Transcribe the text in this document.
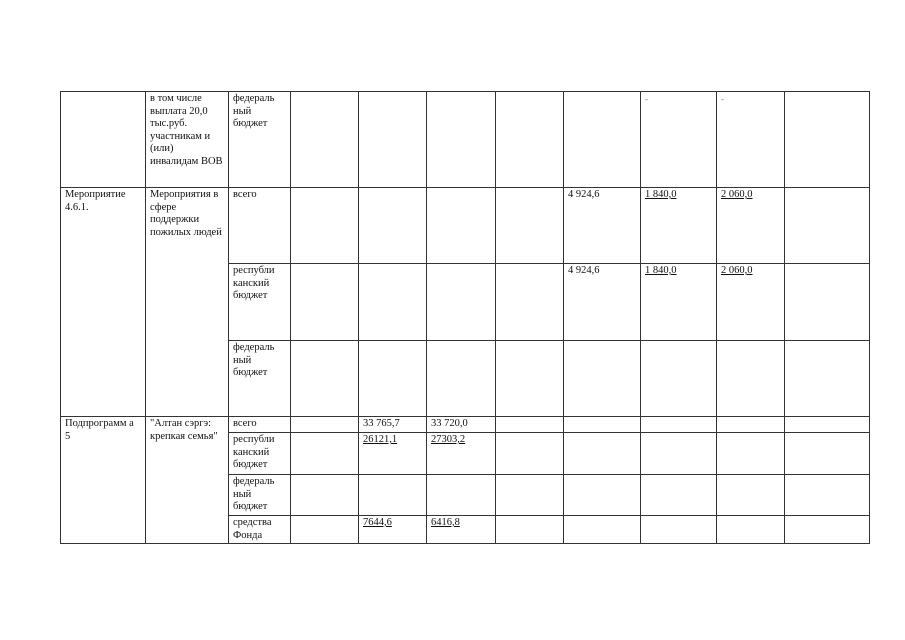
	в том числе выплата 20,0 тыс.руб. участникам и (или) инвалидам ВОВ	федераль ный бюджет						-	-	
Мероприятие 4.6.1.	Мероприятия в сфере поддержки пожилых людей	всего					4 924,6	1 840,0	2 060,0	
		республи канский бюджет					4 924,6	1 840,0	2 060,0	
		федераль ный бюджет								
Подпрограмм а 5	"Алтан сэргэ: крепкая семья"	всего		33 765,7	33 720,0					
		республи канский бюджет		26121,1	27303,2					
		федераль ный бюджет								
		средства Фонда		7644,6	6416,8					
